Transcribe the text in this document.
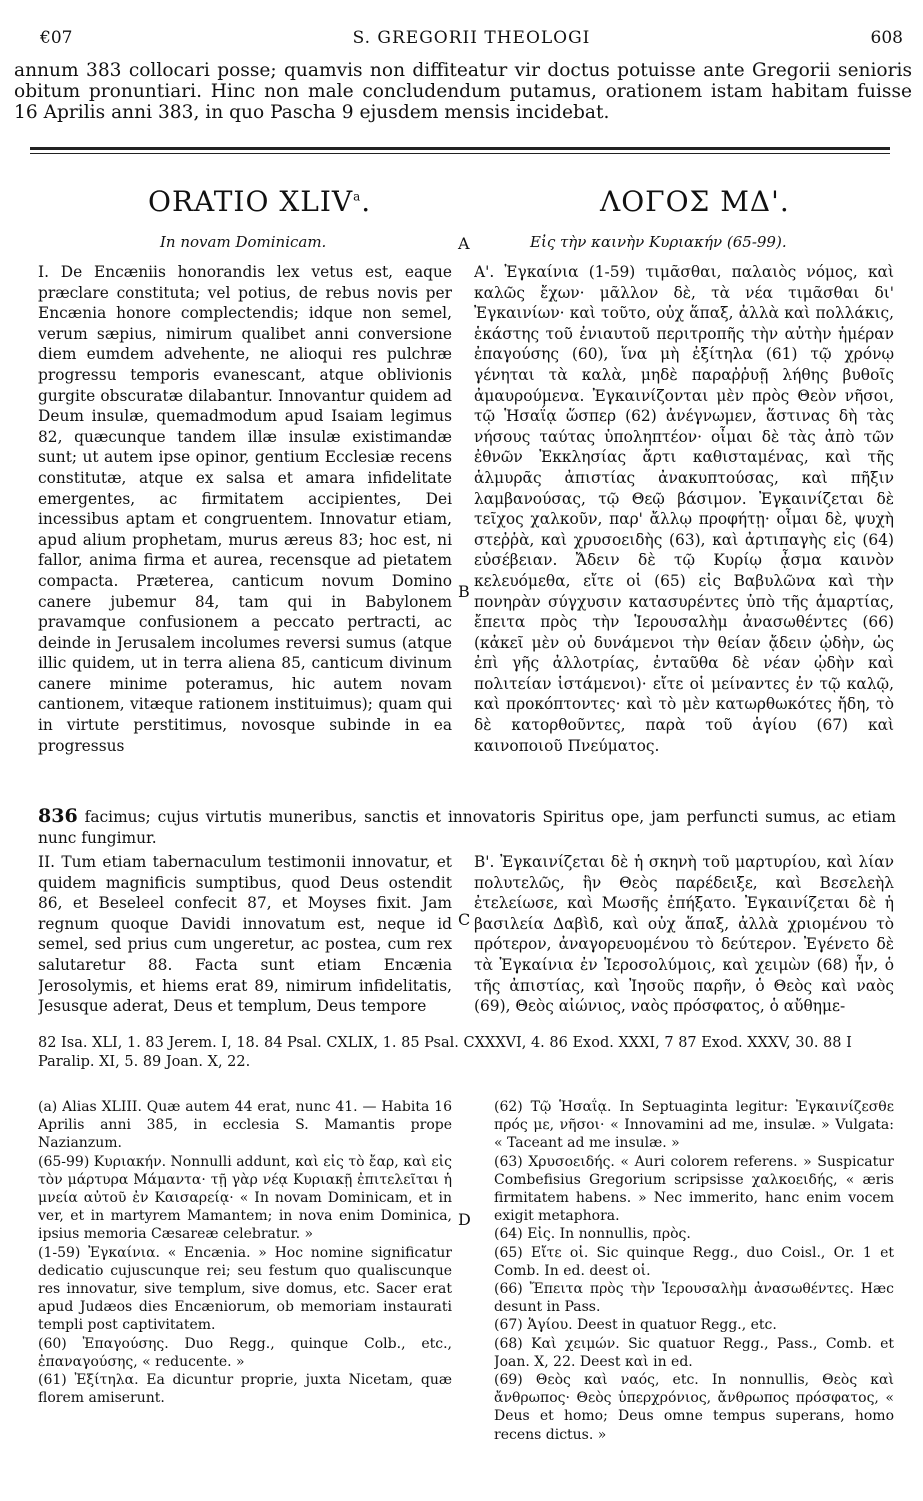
€07	S. GREGORII THEOLOGI	608

annum 383 collocari posse; quamvis non diffiteatur vir doctus potuisse ante Gregorii senioris obitum pronuntiari. Hinc non male concludendum putamus, orationem istam habitam fuisse 16 Aprilis anni 383, in quo Pascha 9 ejusdem mensis incidebat.

ORATIO XLIV$^a$.	ΛΟΓΟΣ ΜΔ'.
In novam Dominicam.	Εἰς τὴν καινὴν Κυριακήν (65-99).
A
B
C
D

I. De Encæniis honorandis lex vetus est, eaque præclare constituta; vel potius, de rebus novis per Encænia honore complectendis; idque non semel, verum sæpius, nimirum qualibet anni conversione diem eumdem advehente, ne alioqui res pulchræ progressu temporis evanescant, atque oblivionis gurgite obscuratæ dilabantur. Innovantur quidem ad Deum insulæ, quemadmodum apud Isaiam legimus 82, quæcunque tandem illæ insulæ existimandæ sunt; ut autem ipse opinor, gentium Ecclesiæ recens constitutæ, atque ex salsa et amara infidelitate emergentes, ac firmitatem accipientes, Dei incessibus aptam et congruentem. Innovatur etiam, apud alium prophetam, murus æreus 83; hoc est, ni fallor, anima firma et aurea, recensque ad pietatem compacta. Præterea, canticum novum Domino canere jubemur 84, tam qui in Babylonem pravamque confusionem a peccato pertracti, ac deinde in Jerusalem incolumes reversi sumus (atque illic quidem, ut in terra aliena 85, canticum divinum canere minime poteramus, hic autem novam cantionem, vitæque rationem instituimus); quam qui in virtute perstitimus, novosque subinde in ea progressus

Α'. Ἐγκαίνια (1-59) τιμᾶσθαι, παλαιὸς νόμος, καὶ καλῶς ἔχων· μᾶλλον δὲ, τὰ νέα τιμᾶσθαι δι' Ἐγκαινίων· καὶ τοῦτο, οὐχ ἅπαξ, ἀλλὰ καὶ πολλάκις, ἑκάστης τοῦ ἐνιαυτοῦ περιτροπῆς τὴν αὐτὴν ἡμέραν ἐπαγούσης (60), ἵνα μὴ ἐξίτηλα (61) τῷ χρόνῳ γένηται τὰ καλὰ, μηδὲ παραῤῥυῇ λήθης βυθοῖς ἀμαυρούμενα. Ἐγκαινίζονται μὲν πρὸς Θεὸν νῆσοι, τῷ Ἡσαΐᾳ ὥσπερ (62) ἀνέγνωμεν, ἅστινας δὴ τὰς νήσους ταύτας ὑποληπτέον· οἶμαι δὲ τὰς ἀπὸ τῶν ἐθνῶν Ἐκκλησίας ἄρτι καθισταμένας, καὶ τῆς ἁλμυρᾶς ἀπιστίας ἀνακυπτούσας, καὶ πῆξιν λαμβανούσας, τῷ Θεῷ βάσιμον. Ἐγκαινίζεται δὲ τεῖχος χαλκοῦν, παρ' ἄλλῳ προφήτῃ· οἶμαι δὲ, ψυχὴ στεῤῥὰ, καὶ χρυσοειδὴς (63), καὶ ἀρτιπαγὴς εἰς (64) εὐσέβειαν. Ἄδειν δὲ τῷ Κυρίῳ ᾆσμα καινὸν κελευόμεθα, εἴτε οἱ (65) εἰς Βαβυλῶνα καὶ τὴν πονηρὰν σύγχυσιν κατασυρέντες ὑπὸ τῆς ἁμαρτίας, ἔπειτα πρὸς τὴν Ἱερουσαλὴμ ἀνασωθέντες (66) (κἀκεῖ μὲν οὐ δυνάμενοι τὴν θείαν ᾄδειν ᾠδὴν, ὡς ἐπὶ γῆς ἀλλοτρίας, ἐνταῦθα δὲ νέαν ᾠδὴν καὶ πολιτείαν ἱστάμενοι)· εἴτε οἱ μείναντες ἐν τῷ καλῷ, καὶ προκόπτοντες· καὶ τὸ μὲν κατωρθωκότες ἤδη, τὸ δὲ κατορθοῦντες, παρὰ τοῦ ἁγίου (67) καὶ καινοποιοῦ Πνεύματος.

836 facimus; cujus virtutis muneribus, sanctis et innovatoris Spiritus ope, jam perfuncti sumus, ac etiam nunc fungimur.

II. Tum etiam tabernaculum testimonii innovatur, et quidem magnificis sumptibus, quod Deus ostendit 86, et Beseleel confecit 87, et Moyses fixit. Jam regnum quoque Davidi innovatum est, neque id semel, sed prius cum ungeretur, ac postea, cum rex salutaretur 88. Facta sunt etiam Encænia Jerosolymis, et hiems erat 89, nimirum infidelitatis, Jesusque aderat, Deus et templum, Deus tempore

Β'. Ἐγκαινίζεται δὲ ἡ σκηνὴ τοῦ μαρτυρίου, καὶ λίαν πολυτελῶς, ἣν Θεὸς παρέδειξε, καὶ Βεσελεὴλ ἐτελείωσε, καὶ Μωσῆς ἐπήξατο. Ἐγκαινίζεται δὲ ἡ βασιλεία Δαβὶδ, καὶ οὐχ ἅπαξ, ἀλλὰ χριομένου τὸ πρότερον, ἀναγορευομένου τὸ δεύτερον. Ἐγένετο δὲ τὰ Ἐγκαίνια ἐν Ἱεροσολύμοις, καὶ χειμὼν (68) ἦν, ὁ τῆς ἀπιστίας, καὶ Ἰησοῦς παρῆν, ὁ Θεὸς καὶ ναὸς (69), Θεὸς αἰώνιος, ναὸς πρόσφατος, ὁ αὔθημε-

82 Isa. XLI, 1. 83 Jerem. I, 18. 84 Psal. CXLIX, 1. 85 Psal. CXXXVI, 4. 86 Exod. XXXI, 7 87 Exod. XXXV, 30. 88 I Paralip. XI, 5. 89 Joan. X, 22.

(a) Alias XLIII. Quæ autem 44 erat, nunc 41. — Habita 16 Aprilis anni 385, in ecclesia S. Mamantis prope Nazianzum.

(65-99) Κυριακήν. Nonnulli addunt, καὶ εἰς τὸ ἔαρ, καὶ εἰς τὸν μάρτυρα Μάμαντα· τῇ γὰρ νέᾳ Κυριακῇ ἐπιτελεῖται ἡ μνεία αὐτοῦ ἐν Καισαρείᾳ· « In novam Dominicam, et in ver, et in martyrem Mamantem; in nova enim Dominica, ipsius memoria Cæsareæ celebratur. »

(1-59) Ἐγκαίνια. « Encænia. » Hoc nomine significatur dedicatio cujuscunque rei; seu festum quo qualiscunque res innovatur, sive templum, sive domus, etc. Sacer erat apud Judæos dies Encæniorum, ob memoriam instaurati templi post captivitatem.

(60) Ἐπαγούσης. Duo Regg., quinque Colb., etc., ἐπαναγούσης, « reducente. »

(61) Ἐξίτηλα. Ea dicuntur proprie, juxta Nicetam, quæ florem amiserunt.

(62) Τῷ Ἡσαΐᾳ. In Septuaginta legitur: Ἐγκαινίζεσθε πρός με, νῆσοι· « Innovamini ad me, insulæ. » Vulgata: « Taceant ad me insulæ. »

(63) Χρυσοειδής. « Auri colorem referens. » Suspicatur Combefisius Gregorium scripsisse χαλκοειδής, « æris firmitatem habens. » Nec immerito, hanc enim vocem exigit metaphora.

(64) Εἰς. In nonnullis, πρὸς.

(65) Εἴτε οἱ. Sic quinque Regg., duo Coisl., Or. 1 et Comb. In ed. deest οἱ.

(66) Ἔπειτα πρὸς τὴν Ἱερουσαλὴμ ἀνασωθέντες. Hæc desunt in Pass.

(67) Ἁγίου. Deest in quatuor Regg., etc.

(68) Καὶ χειμών. Sic quatuor Regg., Pass., Comb. et Joan. X, 22. Deest καὶ in ed.

(69) Θεὸς καὶ ναός, etc. In nonnullis, Θεὸς καὶ ἄνθρωπος· Θεὸς ὑπερχρόνιος, ἄνθρωπος πρόσφατος, « Deus et homo; Deus omne tempus superans, homo recens dictus. »
